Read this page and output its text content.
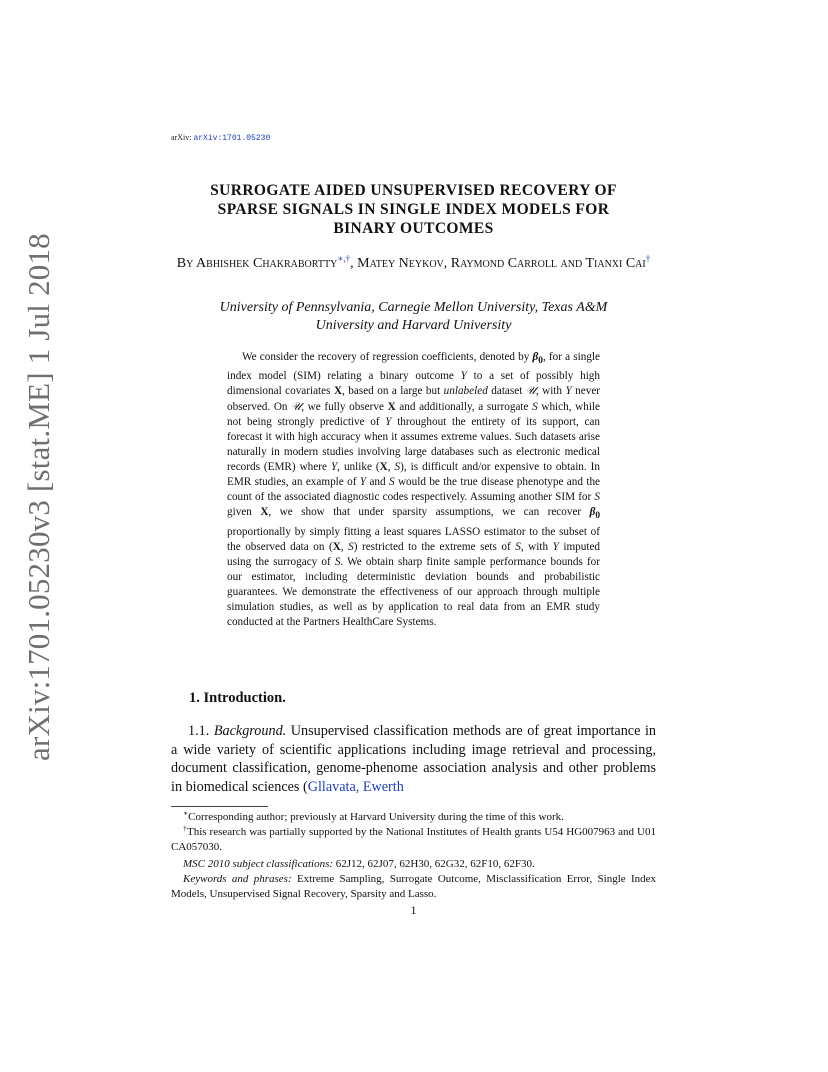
arXiv: arXiv:1701.05230
arXiv:1701.05230v3 [stat.ME] 1 Jul 2018
SURROGATE AIDED UNSUPERVISED RECOVERY OF
SPARSE SIGNALS IN SINGLE INDEX MODELS FOR
BINARY OUTCOMES
By Abhishek Chakrabortty∗,†, Matey Neykov, Raymond Carroll and Tianxi Cai†
University of Pennsylvania, Carnegie Mellon University, Texas A&M
University and Harvard University

We consider the recovery of regression coefficients, denoted by $\beta_0$, for a single index model (SIM) relating a binary outcome Y to a set of possibly high dimensional covariates X, based on a large but unlabeled dataset 𝒰, with Y never observed. On 𝒰, we fully observe X and additionally, a surrogate S which, while not being strongly predictive of Y throughout the entirety of its support, can forecast it with high accuracy when it assumes extreme values. Such datasets arise naturally in modern studies involving large databases such as electronic medical records (EMR) where Y, unlike (X, S), is difficult and/or expensive to obtain. In EMR studies, an example of Y and S would be the true disease phenotype and the count of the associated diagnostic codes respectively. Assuming another SIM for S given X, we show that under sparsity assumptions, we can recover $\beta_0$ proportionally by simply fitting a least squares LASSO estimator to the subset of the observed data on (X, S) restricted to the extreme sets of S, with Y imputed using the surrogacy of S. We obtain sharp finite sample performance bounds for our estimator, including deterministic deviation bounds and probabilistic guarantees. We demonstrate the effectiveness of our approach through multiple simulation studies, as well as by application to real data from an EMR study conducted at the Partners HealthCare Systems.

1. Introduction.

1.1. Background. Unsupervised classification methods are of great importance in a wide variety of scientific applications including image retrieval and processing, document classification, genome-phenome association analysis and other problems in biomedical sciences (Gllavata, Ewerth

∗Corresponding author; previously at Harvard University during the time of this work.

†This research was partially supported by the National Institutes of Health grants U54 HG007963 and U01 CA057030.

MSC 2010 subject classifications: 62J12, 62J07, 62H30, 62G32, 62F10, 62F30.

Keywords and phrases: Extreme Sampling, Surrogate Outcome, Misclassification Error, Single Index Models, Unsupervised Signal Recovery, Sparsity and Lasso.

1
